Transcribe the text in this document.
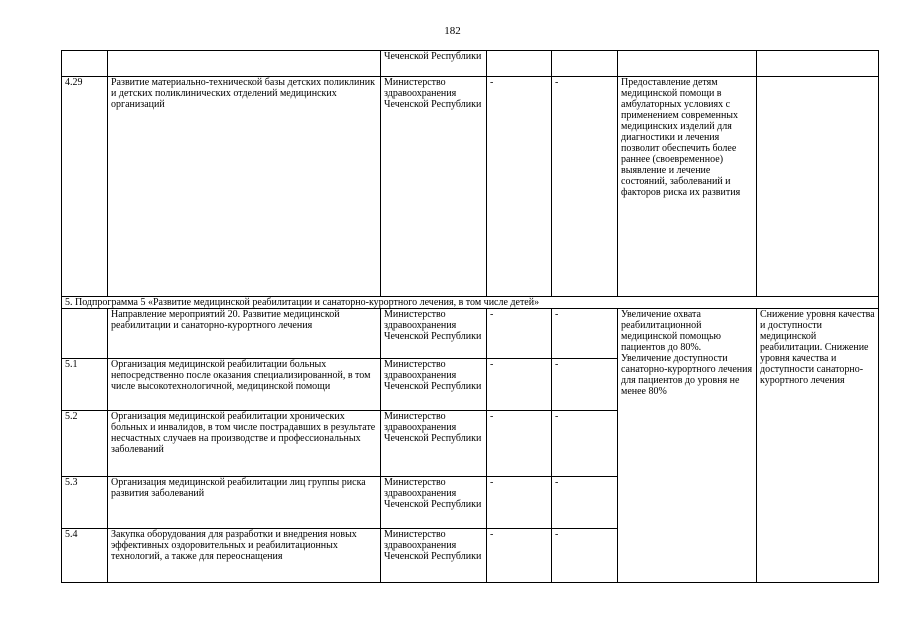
182
		Чеченской Республики				
4.29	Развитие материально-технической базы детских поликлиник и детских поликлинических отделений медицинских организаций	Министерство здравоохранения Чеченской Республики	-	-	Предоставление детям медицинской помощи в амбулаторных условиях с применением современных медицинских изделий для диагностики и лечения позволит обеспечить более раннее (своевременное) выявление и лечение состояний, заболеваний и факторов риска их развития	
5. Подпрограмма 5 «Развитие медицинской реабилитации и санаторно-курортного лечения, в том числе детей»						
	Направление мероприятий 20. Развитие медицинской реабилитации и санаторно-курортного лечения	Министерство здравоохранения Чеченской Республики	-	-	Увеличение охвата реабилитационной медицинской помощью пациентов до 80%. Увеличение доступности санаторно-курортного лечения для пациентов до уровня не менее 80%	Снижение уровня качества и доступности медицинской реабилитации. Снижение уровня качества и доступности санаторно-курортного лечения
5.1	Организация медицинской реабилитации больных непосредственно после оказания специализированной, в том числе высокотехнологичной, медицинской помощи	Министерство здравоохранения Чеченской Республики	-	-		
5.2	Организация медицинской реабилитации хронических больных и инвалидов, в том числе пострадавших в результате несчастных случаев на производстве и профессиональных заболеваний	Министерство здравоохранения Чеченской Республики	-	-		
5.3	Организация медицинской реабилитации лиц группы риска развития заболеваний	Министерство здравоохранения Чеченской Республики	-	-		
5.4	Закупка оборудования для разработки и внедрения новых эффективных оздоровительных и реабилитационных технологий, а также для переоснащения	Министерство здравоохранения Чеченской Республики	-	-		
